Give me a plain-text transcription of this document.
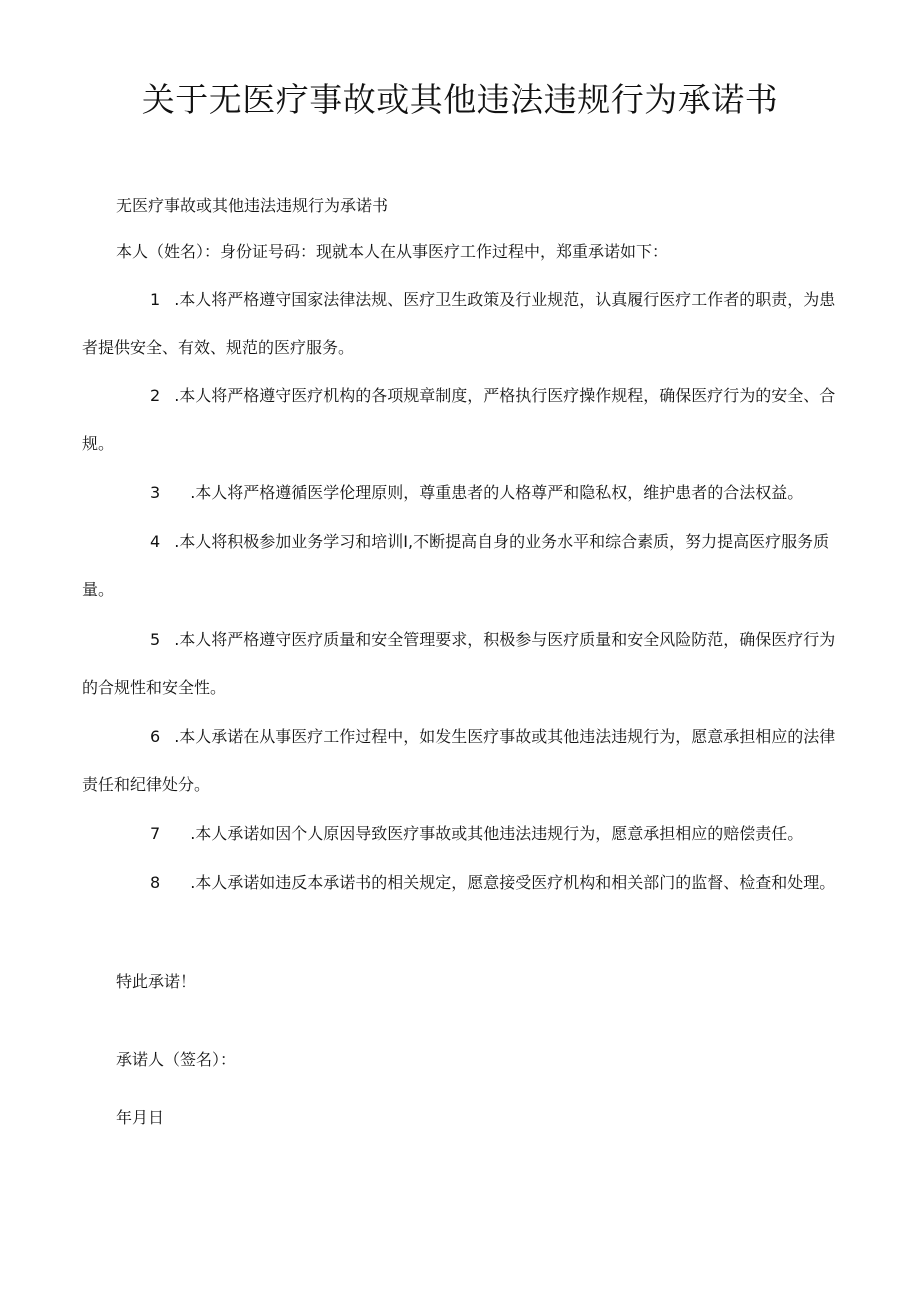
关于无医疗事故或其他违法违规行为承诺书

无医疗事故或其他违法违规行为承诺书

本人（姓名）：身份证号码：现就本人在从事医疗工作过程中，郑重承诺如下：

1 .本人将严格遵守国家法律法规、医疗卫生政策及行业规范，认真履行医疗工作者的职责，为患者提供安全、有效、规范的医疗服务。

2 .本人将严格遵守医疗机构的各项规章制度，严格执行医疗操作规程，确保医疗行为的安全、合规。

3 .本人将严格遵循医学伦理原则，尊重患者的人格尊严和隐私权，维护患者的合法权益。

4 .本人将积极参加业务学习和培训I,不断提高自身的业务水平和综合素质，努力提高医疗服务质量。

5 .本人将严格遵守医疗质量和安全管理要求，积极参与医疗质量和安全风险防范，确保医疗行为的合规性和安全性。

6 .本人承诺在从事医疗工作过程中，如发生医疗事故或其他违法违规行为，愿意承担相应的法律责任和纪律处分。

7 .本人承诺如因个人原因导致医疗事故或其他违法违规行为，愿意承担相应的赔偿责任。

8 .本人承诺如违反本承诺书的相关规定，愿意接受医疗机构和相关部门的监督、检查和处理。

特此承诺！

承诺人（签名）：

年月日
